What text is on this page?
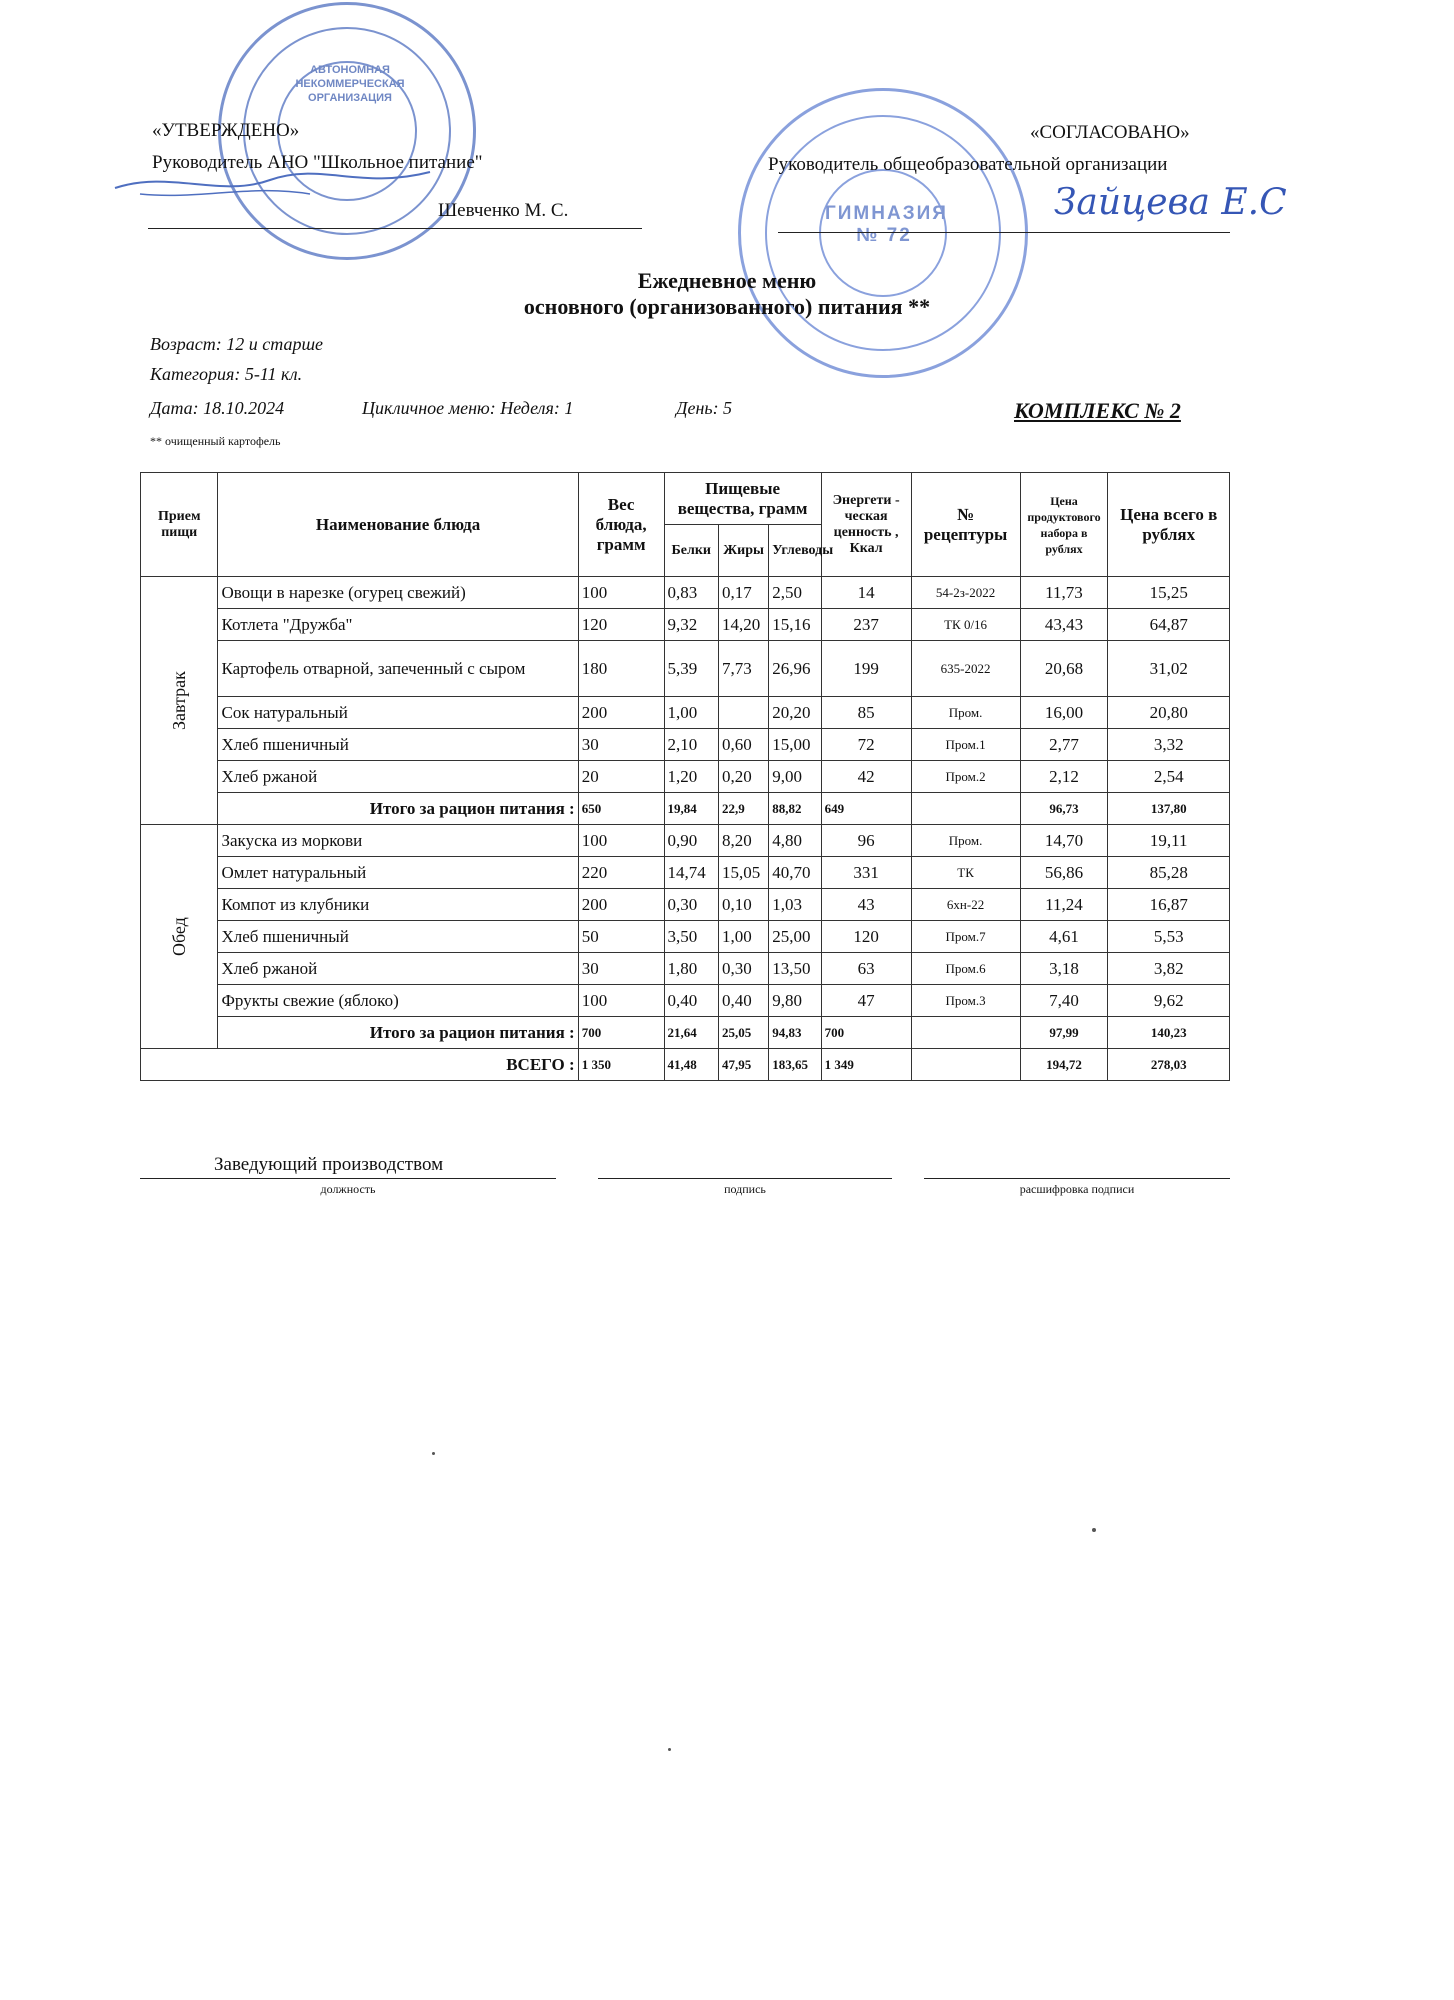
АВТОНОМНАЯ НЕКОММЕРЧЕСКАЯ ОРГАНИЗАЦИЯ
ГИМНАЗИЯ № 72
«УТВЕРЖДЕНО»
Руководитель АНО "Школьное питание"
Шевченко М. С.
«СОГЛАСОВАНО»
Руководитель общеобразовательной организации
Зайцева Е.С
Ежедневное меню
основного (организованного) питания **
Возраст: 12 и старше
Категория: 5-11 кл.
Дата: 18.10.2024	Цикличное меню: Неделя: 1	День: 5	КОМПЛЕКС № 2
** очищенный картофель
Прием пищи	Наименование блюда	Вес блюда, грамм	Пищевые вещества, грамм			Энергети - ческая ценность , Ккал	№ рецептуры	Цена продуктового набора в рублях	Цена всего в рублях
			Белки	Жиры	Углеводы				
Завтрак	Овощи в нарезке (огурец свежий)	100	0,83	0,17	2,50	14	54-2з-2022	11,73	15,25
	Котлета "Дружба"	120	9,32	14,20	15,16	237	ТК 0/16	43,43	64,87
	Картофель отварной, запеченный с сыром	180	5,39	7,73	26,96	199	635-2022	20,68	31,02
	Сок натуральный	200	1,00		20,20	85	Пром.	16,00	20,80
	Хлеб пшеничный	30	2,10	0,60	15,00	72	Пром.1	2,77	3,32
	Хлеб ржаной	20	1,20	0,20	9,00	42	Пром.2	2,12	2,54
	Итого за рацион питания :	650	19,84	22,9	88,82	649		96,73	137,80
Обед	Закуска из моркови	100	0,90	8,20	4,80	96	Пром.	14,70	19,11
	Омлет натуральный	220	14,74	15,05	40,70	331	ТК	56,86	85,28
	Компот из клубники	200	0,30	0,10	1,03	43	6хн-22	11,24	16,87
	Хлеб пшеничный	50	3,50	1,00	25,00	120	Пром.7	4,61	5,53
	Хлеб ржаной	30	1,80	0,30	13,50	63	Пром.6	3,18	3,82
	Фрукты свежие (яблоко)	100	0,40	0,40	9,80	47	Пром.3	7,40	9,62
	Итого за рацион питания :	700	21,64	25,05	94,83	700		97,99	140,23
ВСЕГО :		1 350	41,48	47,95	183,65	1 349		194,72	278,03
Заведующий производством
должность	подпись	расшифровка подписи
